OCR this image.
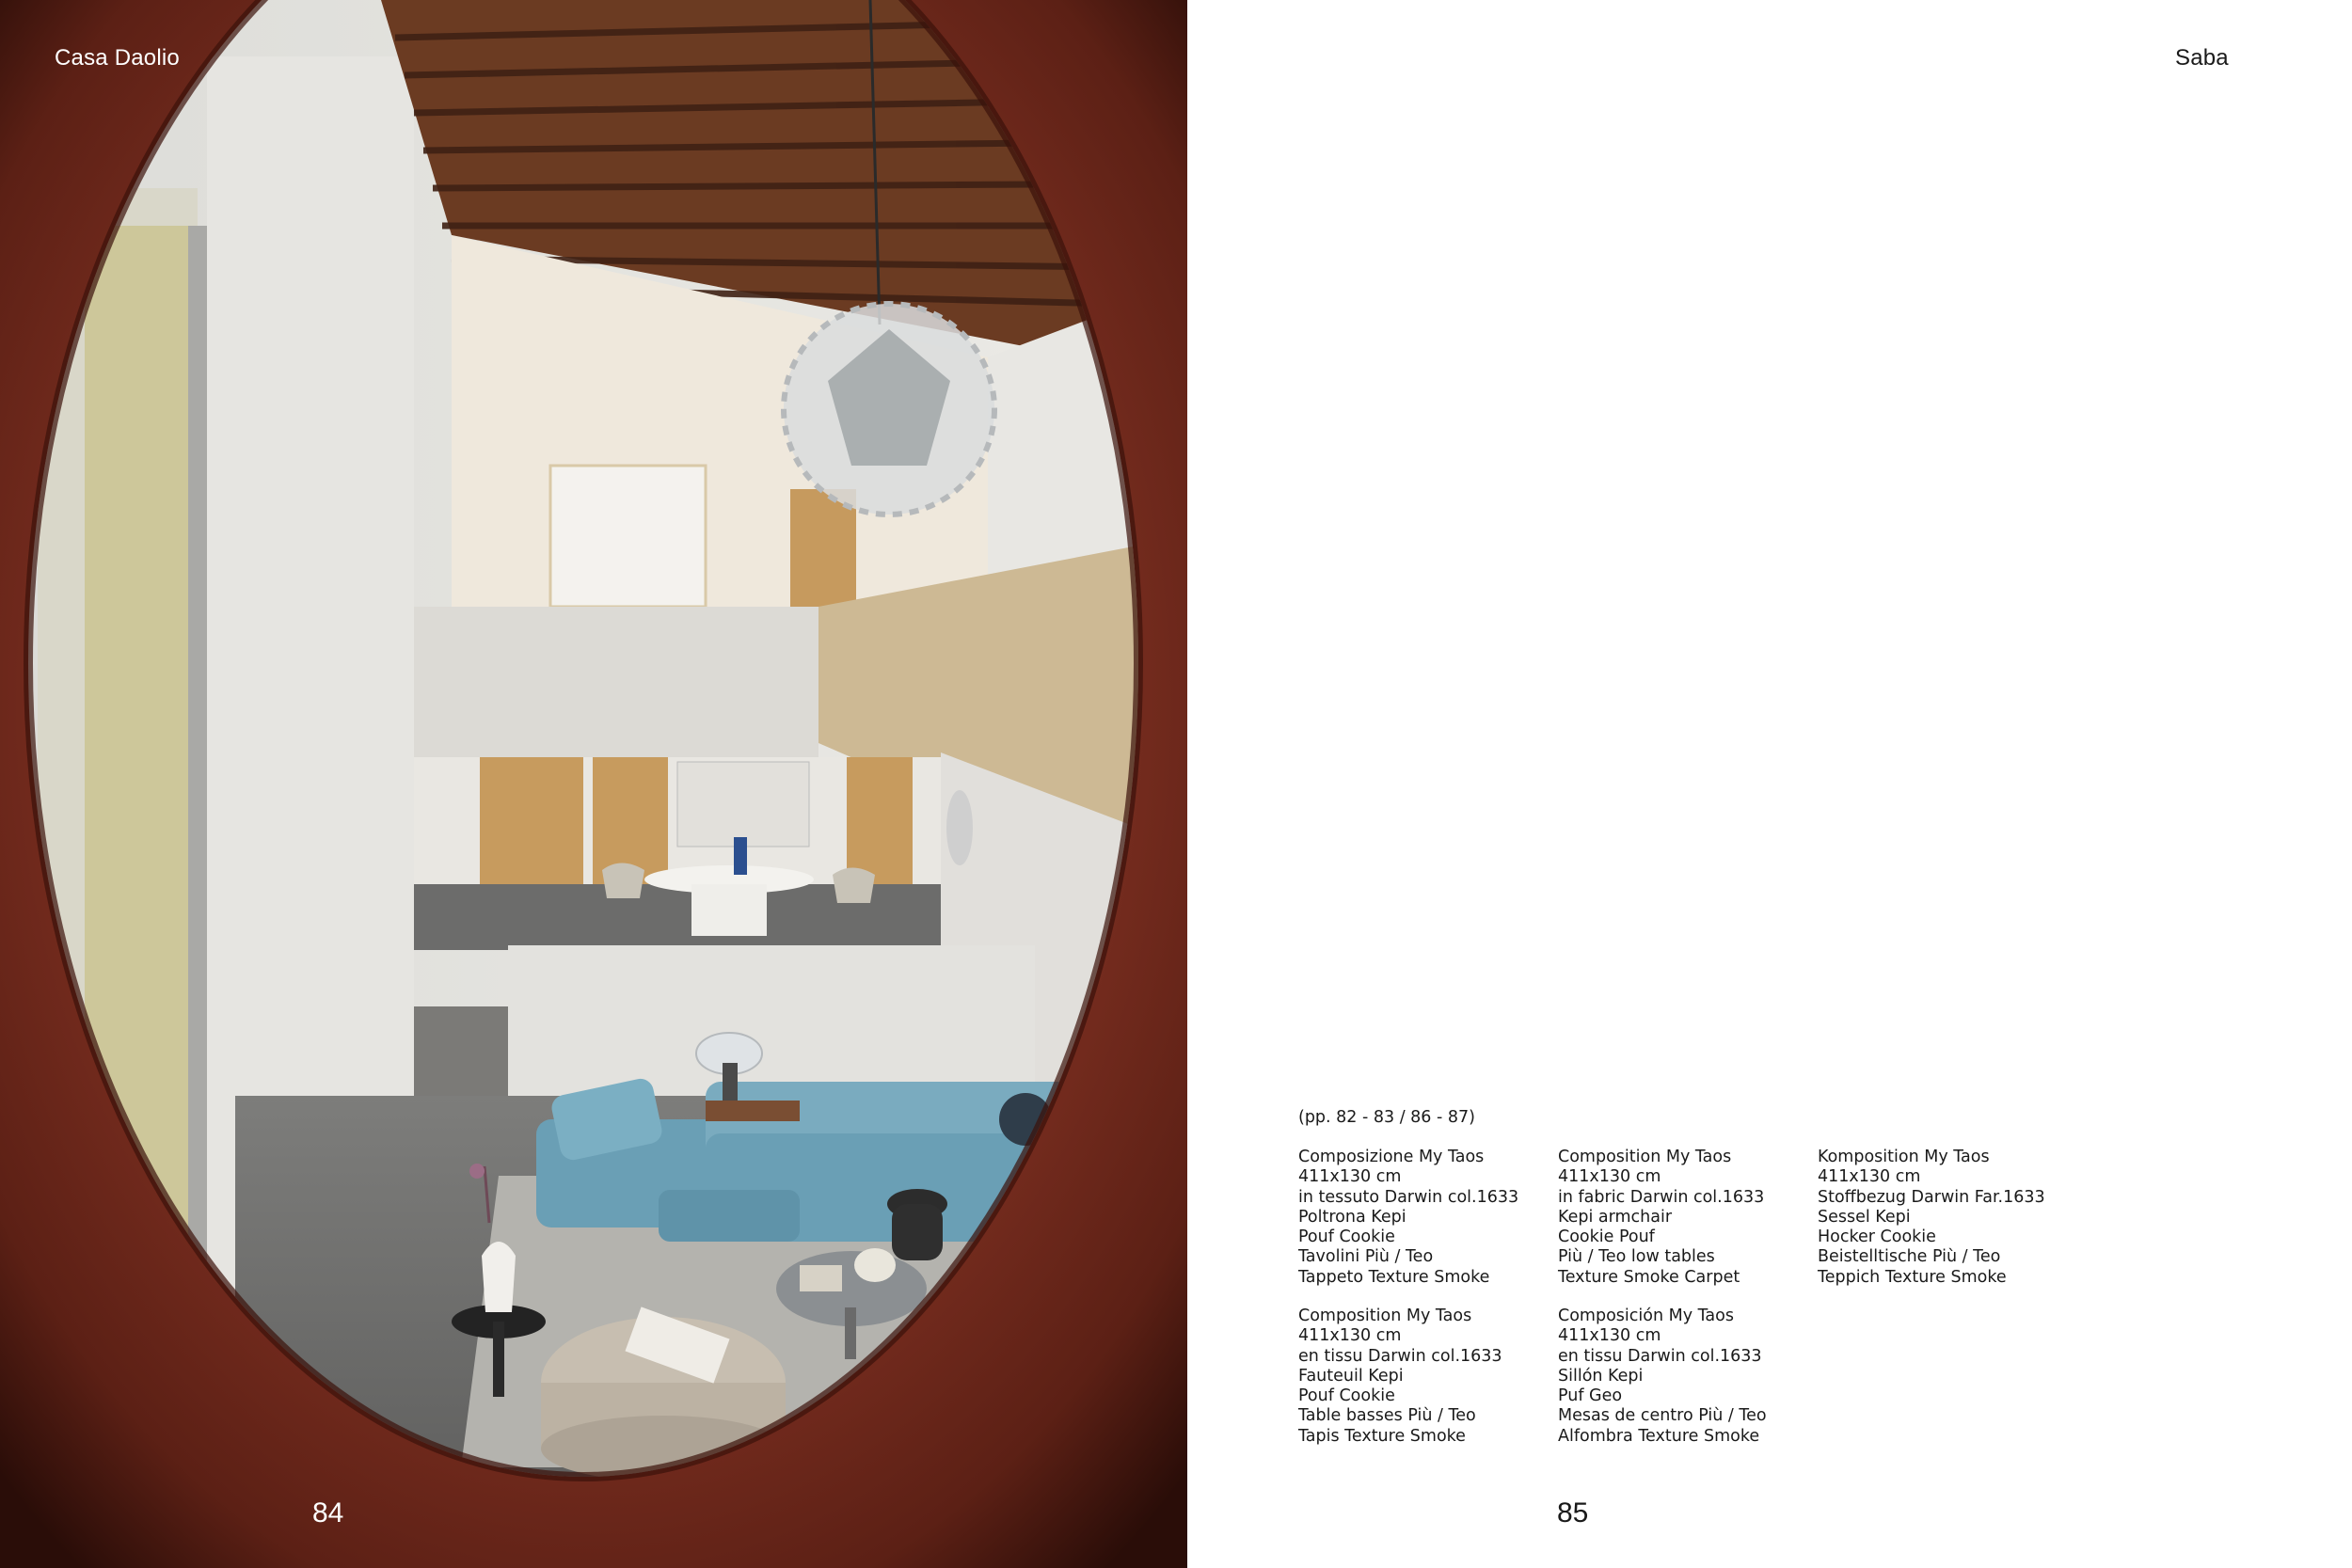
Casa Daolio
84
Saba
(pp. 82 - 83 / 86 - 87)
Composizione My Taos
411x130 cm
in tessuto Darwin col.1633
Poltrona Kepi
Pouf Cookie
Tavolini Più / Teo
Tappeto Texture Smoke
Composition My Taos
411x130 cm
in fabric Darwin col.1633
Kepi armchair
Cookie Pouf
Più / Teo low tables
Texture Smoke Carpet
Komposition My Taos
411x130 cm
Stoffbezug Darwin Far.1633
Sessel Kepi
Hocker Cookie
Beistelltische Più / Teo
Teppich Texture Smoke
Composition My Taos
411x130 cm
en tissu Darwin col.1633
Fauteuil Kepi
Pouf Cookie
Table basses Più / Teo
Tapis Texture Smoke
Composición My Taos
411x130 cm
en tissu Darwin col.1633
Sillón Kepi
Puf Geo
Mesas de centro Più / Teo
Alfombra Texture Smoke
85
